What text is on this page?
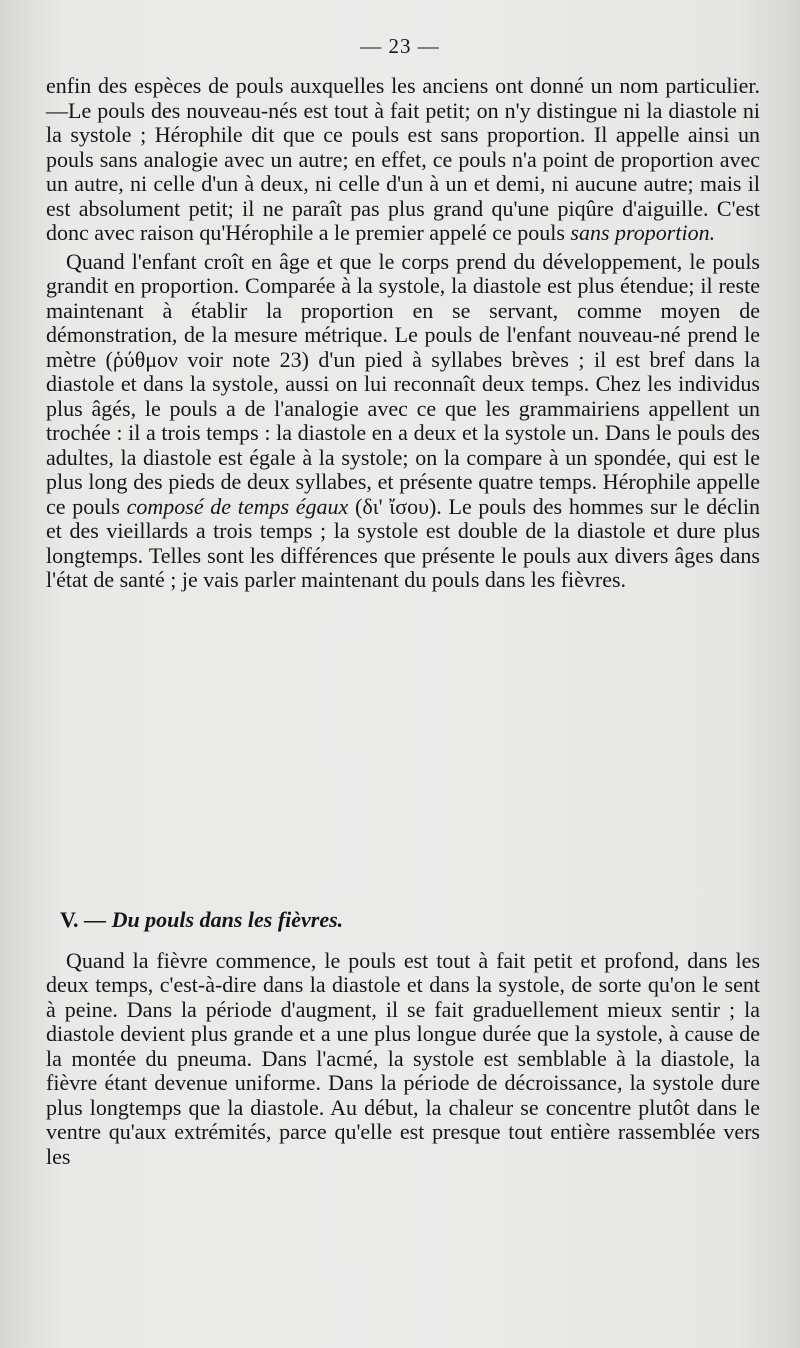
— 23 —

enfin des espèces de pouls auxquelles les anciens ont donné un nom particulier.—Le pouls des nouveau-nés est tout à fait petit; on n'y distingue ni la diastole ni la systole ; Hérophile dit que ce pouls est sans proportion. Il appelle ainsi un pouls sans analogie avec un autre; en effet, ce pouls n'a point de proportion avec un autre, ni celle d'un à deux, ni celle d'un à un et demi, ni aucune autre; mais il est absolument petit; il ne paraît pas plus grand qu'une piqûre d'aiguille. C'est donc avec raison qu'Hérophile a le premier appelé ce pouls sans proportion.

Quand l'enfant croît en âge et que le corps prend du développement, le pouls grandit en proportion. Comparée à la systole, la diastole est plus étendue; il reste maintenant à établir la proportion en se servant, comme moyen de démonstration, de la mesure métrique. Le pouls de l'enfant nouveau-né prend le mètre (ῥύθμον voir note 23) d'un pied à syllabes brèves ; il est bref dans la diastole et dans la systole, aussi on lui reconnaît deux temps. Chez les individus plus âgés, le pouls a de l'analogie avec ce que les grammairiens appellent un trochée : il a trois temps : la diastole en a deux et la systole un. Dans le pouls des adultes, la diastole est égale à la systole; on la compare à un spondée, qui est le plus long des pieds de deux syllabes, et présente quatre temps. Hérophile appelle ce pouls composé de temps égaux (δι' ἴσου). Le pouls des hommes sur le déclin et des vieillards a trois temps ; la systole est double de la diastole et dure plus longtemps. Telles sont les différences que présente le pouls aux divers âges dans l'état de santé ; je vais parler maintenant du pouls dans les fièvres.

V. — Du pouls dans les fièvres.

Quand la fièvre commence, le pouls est tout à fait petit et profond, dans les deux temps, c'est-à-dire dans la diastole et dans la systole, de sorte qu'on le sent à peine. Dans la période d'augment, il se fait graduellement mieux sentir ; la diastole devient plus grande et a une plus longue durée que la systole, à cause de la montée du pneuma. Dans l'acmé, la systole est semblable à la diastole, la fièvre étant devenue uniforme. Dans la période de décroissance, la systole dure plus longtemps que la diastole. Au début, la chaleur se concentre plutôt dans le ventre qu'aux extrémités, parce qu'elle est presque tout entière rassemblée vers les
